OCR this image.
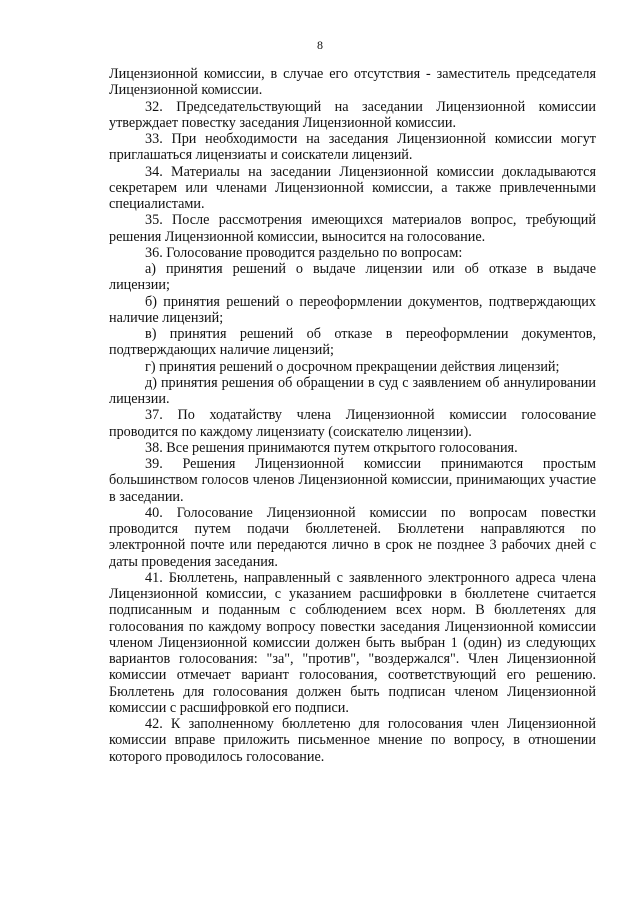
8

Лицензионной комиссии, в случае его отсутствия - заместитель председателя Лицензионной комиссии.

32. Председательствующий на заседании Лицензионной комиссии утверждает повестку заседания Лицензионной комиссии.

33. При необходимости на заседания Лицензионной комиссии могут приглашаться лицензиаты и соискатели лицензий.

34. Материалы на заседании Лицензионной комиссии докладываются секретарем или членами Лицензионной комиссии, а также привлеченными специалистами.

35. После рассмотрения имеющихся материалов вопрос, требующий решения Лицензионной комиссии, выносится на голосование.

36. Голосование проводится раздельно по вопросам:

а) принятия решений о выдаче лицензии или об отказе в выдаче лицензии;

б) принятия решений о переоформлении документов, подтверждающих наличие лицензий;

в) принятия решений об отказе в переоформлении документов, подтверждающих наличие лицензий;

г) принятия решений о досрочном прекращении действия лицензий;

д) принятия решения об обращении в суд с заявлением об аннулировании лицензии.

37. По ходатайству члена Лицензионной комиссии голосование проводится по каждому лицензиату (соискателю лицензии).

38. Все решения принимаются путем открытого голосования.

39. Решения Лицензионной комиссии принимаются простым большинством голосов членов Лицензионной комиссии, принимающих участие в заседании.

40. Голосование Лицензионной комиссии по вопросам повестки проводится путем подачи бюллетеней. Бюллетени направляются по электронной почте или передаются лично в срок не позднее 3 рабочих дней с даты проведения заседания.

41. Бюллетень, направленный с заявленного электронного адреса члена Лицензионной комиссии, с указанием расшифровки в бюллетене считается подписанным и поданным с соблюдением всех норм. В бюллетенях для голосования по каждому вопросу повестки заседания Лицензионной комиссии членом Лицензионной комиссии должен быть выбран 1 (один) из следующих вариантов голосования: "за", "против", "воздержался". Член Лицензионной комиссии отмечает вариант голосования, соответствующий его решению. Бюллетень для голосования должен быть подписан членом Лицензионной комиссии с расшифровкой его подписи.

42. К заполненному бюллетеню для голосования член Лицензионной комиссии вправе приложить письменное мнение по вопросу, в отношении которого проводилось голосование.
